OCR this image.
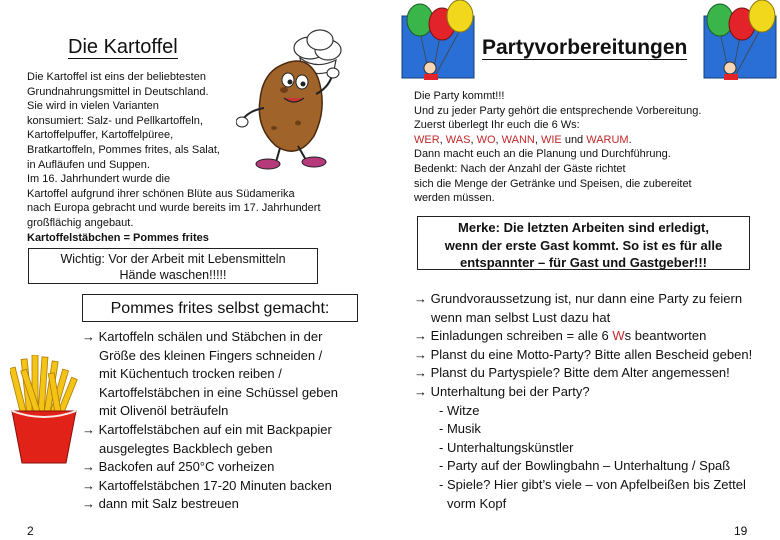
Die Kartoffel
Die Kartoffel ist eins der beliebtesten
Grundnahrungsmittel in Deutschland.
Sie wird in vielen Varianten
konsumiert: Salz- und Pellkartoffeln,
Kartoffelpuffer, Kartoffelpüree,
Bratkartoffeln, Pommes frites, als Salat,
in Aufläufen und Suppen.
Im 16. Jahrhundert wurde die
Kartoffel aufgrund ihrer schönen Blüte aus Südamerika
nach Europa gebracht und wurde bereits im 17. Jahrhundert
großflächig angebaut.
Kartoffelstäbchen = Pommes frites
Wichtig: Vor der Arbeit mit Lebensmitteln
Hände waschen!!!!!
Pommes frites selbst gemacht:
→ Kartoffeln schälen und Stäbchen in der
Größe des kleinen Fingers schneiden /
mit Küchentuch trocken reiben /
Kartoffelstäbchen in eine Schüssel geben
mit Olivenöl beträufeln
→ Kartoffelstäbchen auf ein mit Backpapier
ausgelegtes Backblech geben
→ Backofen auf 250°C vorheizen
→ Kartoffelstäbchen 17-20 Minuten backen
→ dann mit Salz bestreuen
2
Partyvorbereitungen
Die Party kommt!!!
Und zu jeder Party gehört die entsprechende Vorbereitung.
Zuerst überlegt Ihr euch die 6 Ws:
WER, WAS, WO, WANN, WIE und WARUM.
Dann macht euch an die Planung und Durchführung.
Bedenkt: Nach der Anzahl der Gäste richtet
sich die Menge der Getränke und Speisen, die zubereitet
werden müssen.
Merke: Die letzten Arbeiten sind erledigt,
wenn der erste Gast kommt. So ist es für alle
entspannter – für Gast und Gastgeber!!!
→ Grundvoraussetzung ist, nur dann eine Party zu feiern
wenn man selbst Lust dazu hat
→ Einladungen schreiben = alle 6 Ws beantworten
→ Planst du eine Motto-Party? Bitte allen Bescheid geben!
→ Planst du Partyspiele? Bitte dem Alter angemessen!
→ Unterhaltung bei der Party?
- Witze
- Musik
- Unterhaltungskünstler
- Party auf der Bowlingbahn – Unterhaltung / Spaß
- Spiele? Hier gibt’s viele – von Apfelbeißen bis Zettel
vorm Kopf
19
